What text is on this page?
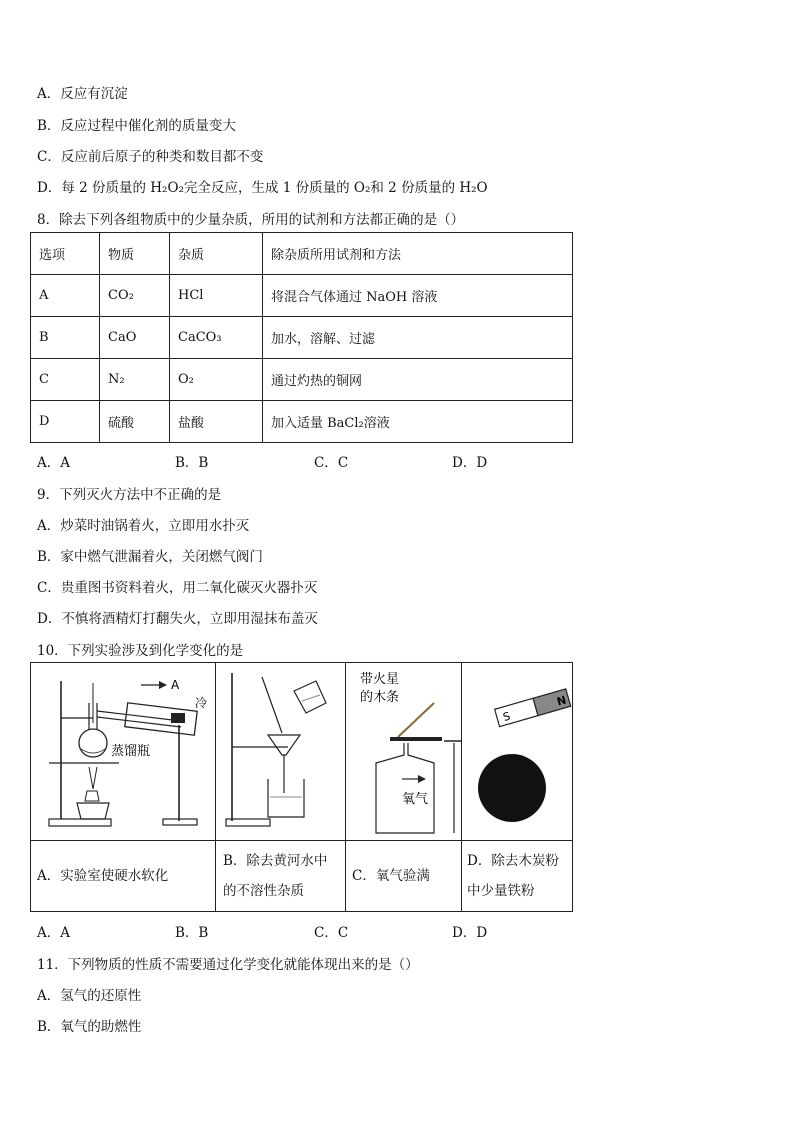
A．反应有沉淀
B．反应过程中催化剂的质量变大
C．反应前后原子的种类和数目都不变
D．每 2 份质量的 H₂O₂完全反应，生成 1 份质量的 O₂和 2 份质量的 H₂O
8．除去下列各组物质中的少量杂质，所用的试剂和方法都正确的是（）
选项	物质	杂质	除杂质所用试剂和方法
A	CO₂	HCl	将混合气体通过 NaOH 溶液
B	CaO	CaCO₃	加水，溶解、过滤
C	N₂	O₂	通过灼热的铜网
D	硫酸	盐酸	加入适量 BaCl₂溶液
A．A	B．B	C．C	D．D
9．下列灭火方法中不正确的是
A．炒菜时油锅着火，立即用水扑灭
B．家中燃气泄漏着火，关闭燃气阀门
C．贵重图书资料着火，用二氧化碳灭火器扑灭
D．不慎将酒精灯打翻失火，立即用湿抹布盖灭
10．下列实验涉及到化学变化的是
A
冷
蒸馏瓶
带火星
的木条
氧气
S
N
A．实验室使硬水软化
B．除去黄河水中
的不溶性杂质
C．氧气验满
D．除去木炭粉
中少量铁粉
A．A	B．B	C．C	D．D
11．下列物质的性质不需要通过化学变化就能体现出来的是（）
A．氢气的还原性
B．氧气的助燃性
